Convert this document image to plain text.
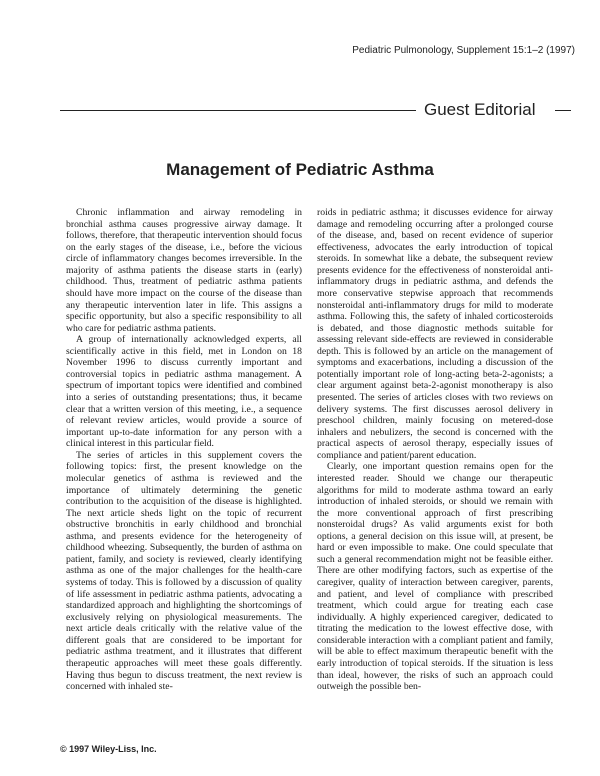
Pediatric Pulmonology, Supplement 15:1–2 (1997)
Guest Editorial
Management of Pediatric Asthma

Chronic inflammation and airway remodeling in bronchial asthma causes progressive airway damage. It follows, therefore, that therapeutic intervention should focus on the early stages of the disease, i.e., before the vicious circle of inflammatory changes becomes irreversible. In the majority of asthma patients the disease starts in (early) childhood. Thus, treatment of pediatric asthma patients should have more impact on the course of the disease than any therapeutic intervention later in life. This assigns a specific opportunity, but also a specific responsibility to all who care for pediatric asthma patients.

A group of internationally acknowledged experts, all scientifically active in this field, met in London on 18 November 1996 to discuss currently important and controversial topics in pediatric asthma management. A spectrum of important topics were identified and combined into a series of outstanding presentations; thus, it became clear that a written version of this meeting, i.e., a sequence of relevant review articles, would provide a source of important up-to-date information for any person with a clinical interest in this particular field.

The series of articles in this supplement covers the following topics: first, the present knowledge on the molecular genetics of asthma is reviewed and the importance of ultimately determining the genetic contribution to the acquisition of the disease is highlighted. The next article sheds light on the topic of recurrent obstructive bronchitis in early childhood and bronchial asthma, and presents evidence for the heterogeneity of childhood wheezing. Subsequently, the burden of asthma on patient, family, and society is reviewed, clearly identifying asthma as one of the major challenges for the health-care systems of today. This is followed by a discussion of quality of life assessment in pediatric asthma patients, advocating a standardized approach and highlighting the shortcomings of exclusively relying on physiological measurements. The next article deals critically with the relative value of the different goals that are considered to be important for pediatric asthma treatment, and it illustrates that different therapeutic approaches will meet these goals differently. Having thus begun to discuss treatment, the next review is concerned with inhaled ste-

roids in pediatric asthma; it discusses evidence for airway damage and remodeling occurring after a prolonged course of the disease, and, based on recent evidence of superior effectiveness, advocates the early introduction of topical steroids. In somewhat like a debate, the subsequent review presents evidence for the effectiveness of nonsteroidal anti-inflammatory drugs in pediatric asthma, and defends the more conservative stepwise approach that recommends nonsteroidal anti-inflammatory drugs for mild to moderate asthma. Following this, the safety of inhaled corticosteroids is debated, and those diagnostic methods suitable for assessing relevant side-effects are reviewed in considerable depth. This is followed by an article on the management of symptoms and exacerbations, including a discussion of the potentially important role of long-acting beta-2-agonists; a clear argument against beta-2-agonist monotherapy is also presented. The series of articles closes with two reviews on delivery systems. The first discusses aerosol delivery in preschool children, mainly focusing on metered-dose inhalers and nebulizers, the second is concerned with the practical aspects of aerosol therapy, especially issues of compliance and patient/parent education.

Clearly, one important question remains open for the interested reader. Should we change our therapeutic algorithms for mild to moderate asthma toward an early introduction of inhaled steroids, or should we remain with the more conventional approach of first prescribing nonsteroidal drugs? As valid arguments exist for both options, a general decision on this issue will, at present, be hard or even impossible to make. One could speculate that such a general recommendation might not be feasible either. There are other modifying factors, such as expertise of the caregiver, quality of interaction between caregiver, parents, and patient, and level of compliance with prescribed treatment, which could argue for treating each case individually. A highly experienced caregiver, dedicated to titrating the medication to the lowest effective dose, with considerable interaction with a compliant patient and family, will be able to effect maximum therapeutic benefit with the early introduction of topical steroids. If the situation is less than ideal, however, the risks of such an approach could outweigh the possible ben-

© 1997 Wiley-Liss, Inc.
